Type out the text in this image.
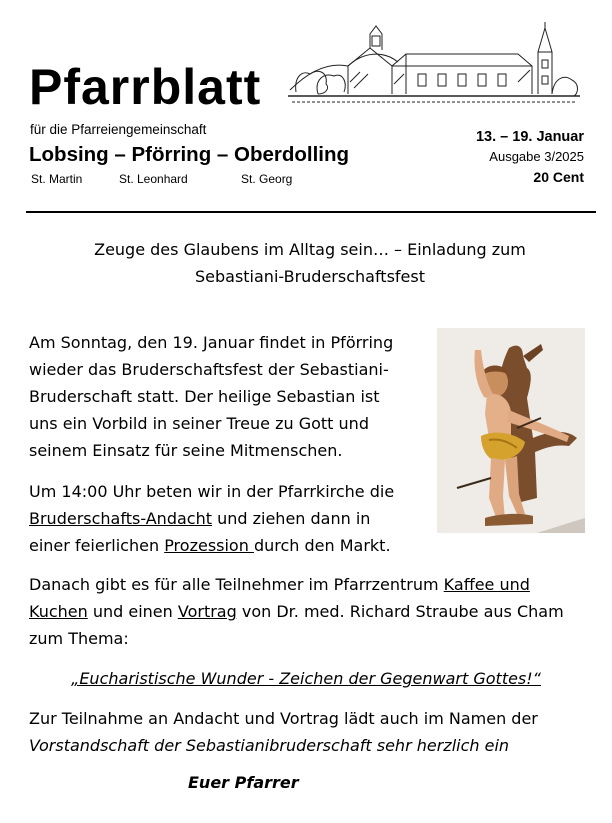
Pfarrblatt
für die Pfarreiengemeinschaft
Lobsing – Pförring – Oberdolling
St. Martin	St. Leonhard	St. Georg
13. – 19. Januar
Ausgabe 3/2025
20 Cent
Zeuge des Glaubens im Alltag sein… – Einladung zum
Sebastiani-Bruderschaftsfest
Am Sonntag, den 19. Januar findet in Pförring
wieder das Bruderschaftsfest der Sebastiani-
Bruderschaft statt. Der heilige Sebastian ist
uns ein Vorbild in seiner Treue zu Gott und
seinem Einsatz für seine Mitmenschen.
Um 14:00 Uhr beten wir in der Pfarrkirche die
Bruderschafts-Andacht und ziehen dann in
einer feierlichen Prozession durch den Markt.
Danach gibt es für alle Teilnehmer im Pfarrzentrum Kaffee und
Kuchen und einen Vortrag von Dr. med. Richard Straube aus Cham
zum Thema:
„Eucharistische Wunder - Zeichen der Gegenwart Gottes!“
Zur Teilnahme an Andacht und Vortrag lädt auch im Namen der
Vorstandschaft der Sebastianibruderschaft sehr herzlich ein
Euer Pfarrer
